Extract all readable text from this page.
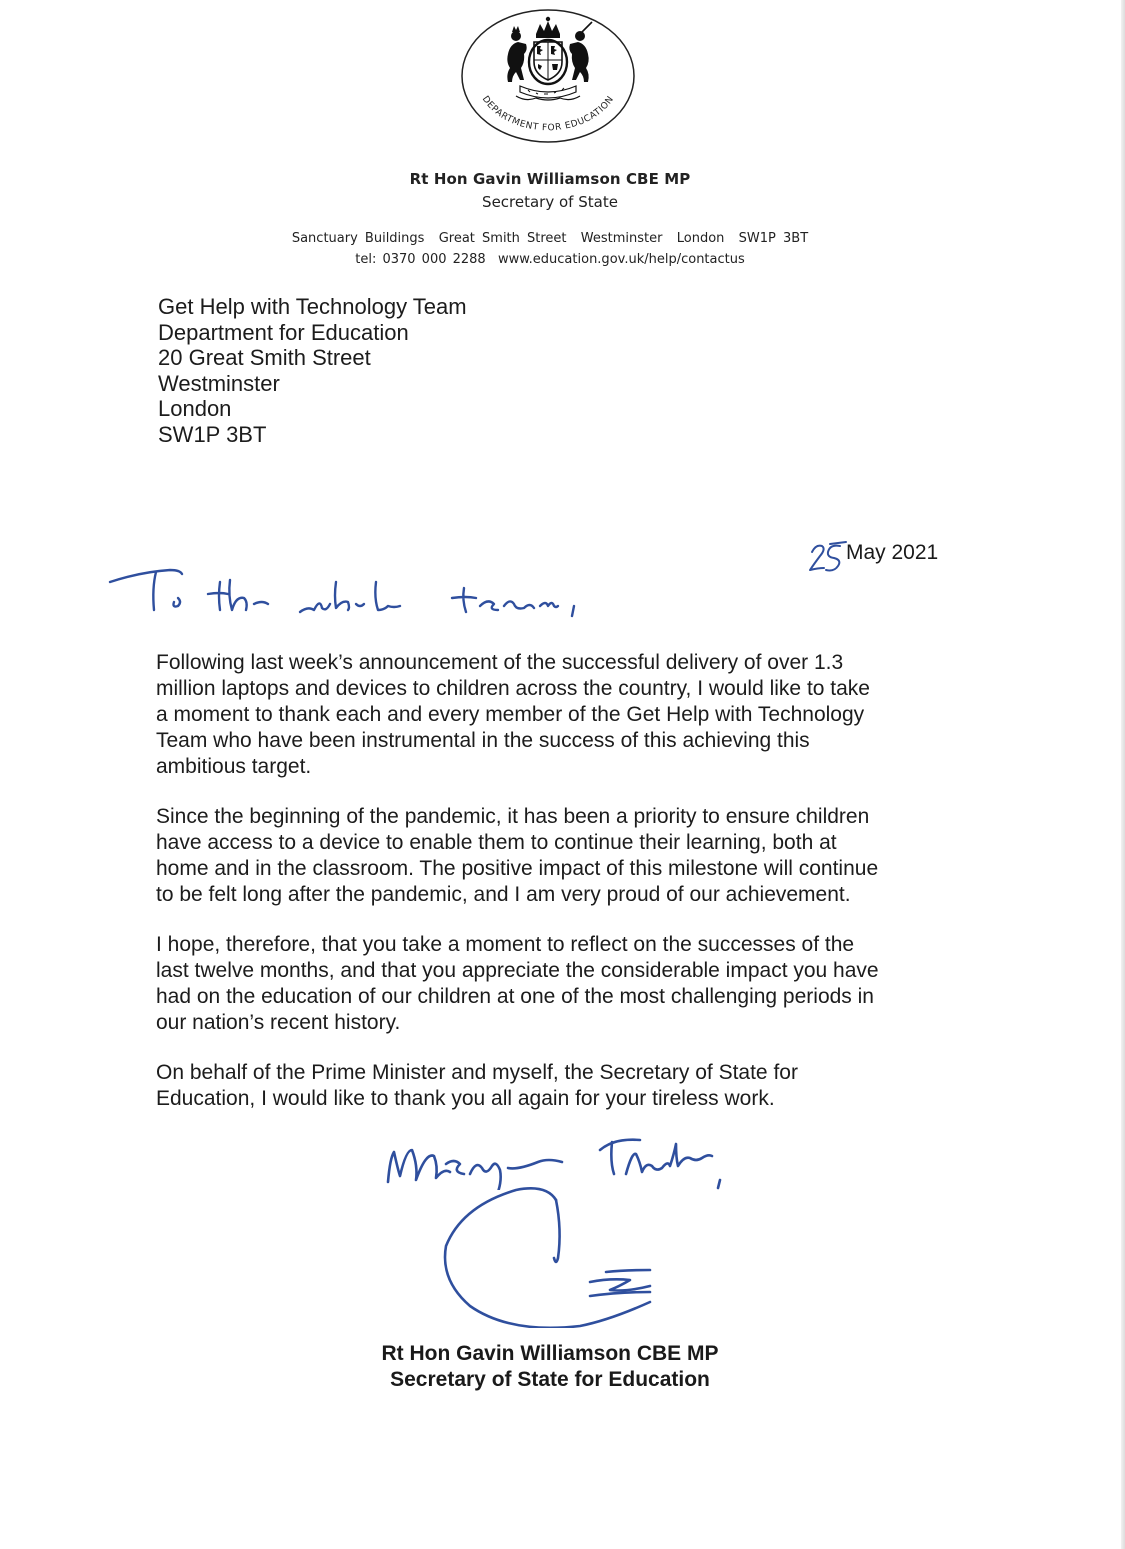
DEPARTMENT FOR EDUCATION
Rt Hon Gavin Williamson CBE MP
Secretary of State
Sanctuary Buildings  Great Smith Street  Westminster  London  SW1P 3BT
tel: 0370 000 2288  www.education.gov.uk/help/contactus
Get Help with Technology Team
Department for Education
20 Great Smith Street
Westminster
London
SW1P 3BT
May 2021

Following last week’s announcement of the successful delivery of over 1.3
million laptops and devices to children across the country, I would like to take
a moment to thank each and every member of the Get Help with Technology
Team who have been instrumental in the success of this achieving this
ambitious target.

Since the beginning of the pandemic, it has been a priority to ensure children
have access to a device to enable them to continue their learning, both at
home and in the classroom. The positive impact of this milestone will continue
to be felt long after the pandemic, and I am very proud of our achievement.

I hope, therefore, that you take a moment to reflect on the successes of the
last twelve months, and that you appreciate the considerable impact you have
had on the education of our children at one of the most challenging periods in
our nation’s recent history.

On behalf of the Prime Minister and myself, the Secretary of State for
Education, I would like to thank you all again for your tireless work.

Rt Hon Gavin Williamson CBE MP
Secretary of State for Education
